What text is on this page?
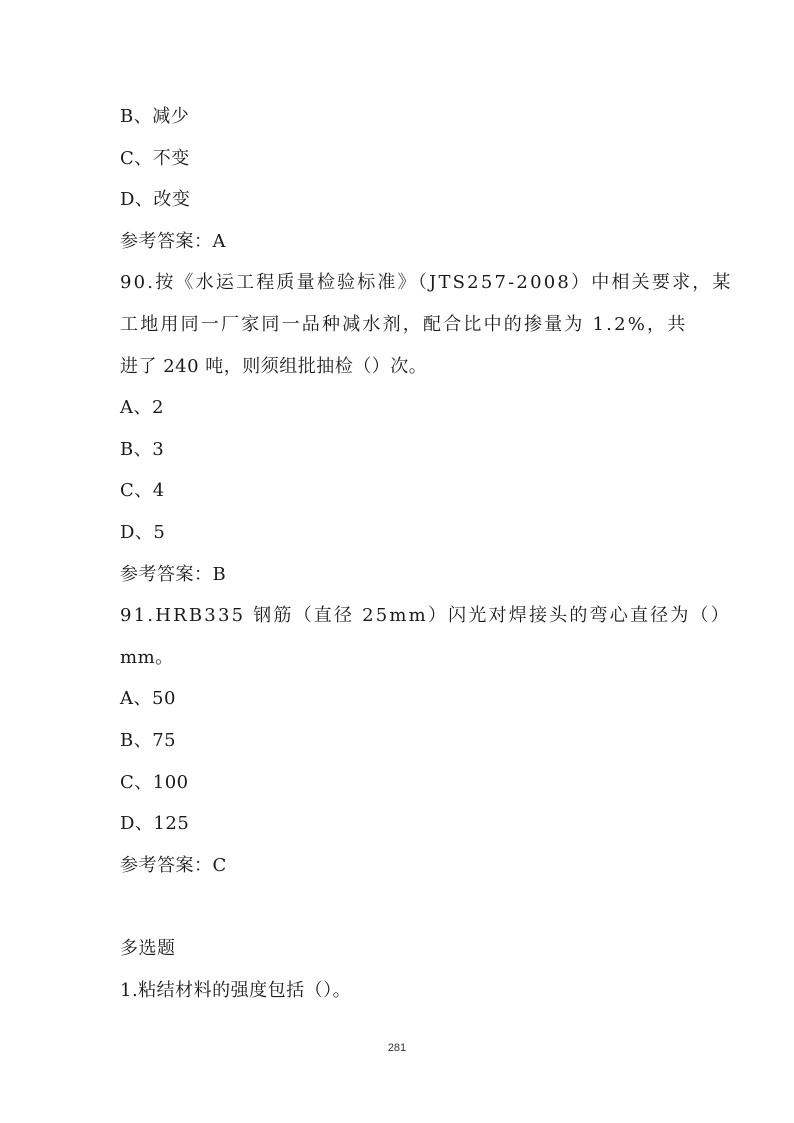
B、减少
C、不变
D、改变
参考答案：A
90.按《水运工程质量检验标准》（JTS257-2008）中相关要求，某
工地用同一厂家同一品种减水剂，配合比中的掺量为 1.2%，共
进了 240 吨，则须组批抽检（）次。
A、2
B、3
C、4
D、5
参考答案：B
91.HRB335 钢筋（直径 25mm）闪光对焊接头的弯心直径为（）
mm。
A、50
B、75
C、100
D、125
参考答案：C
多选题
1.粘结材料的强度包括（）。
281
